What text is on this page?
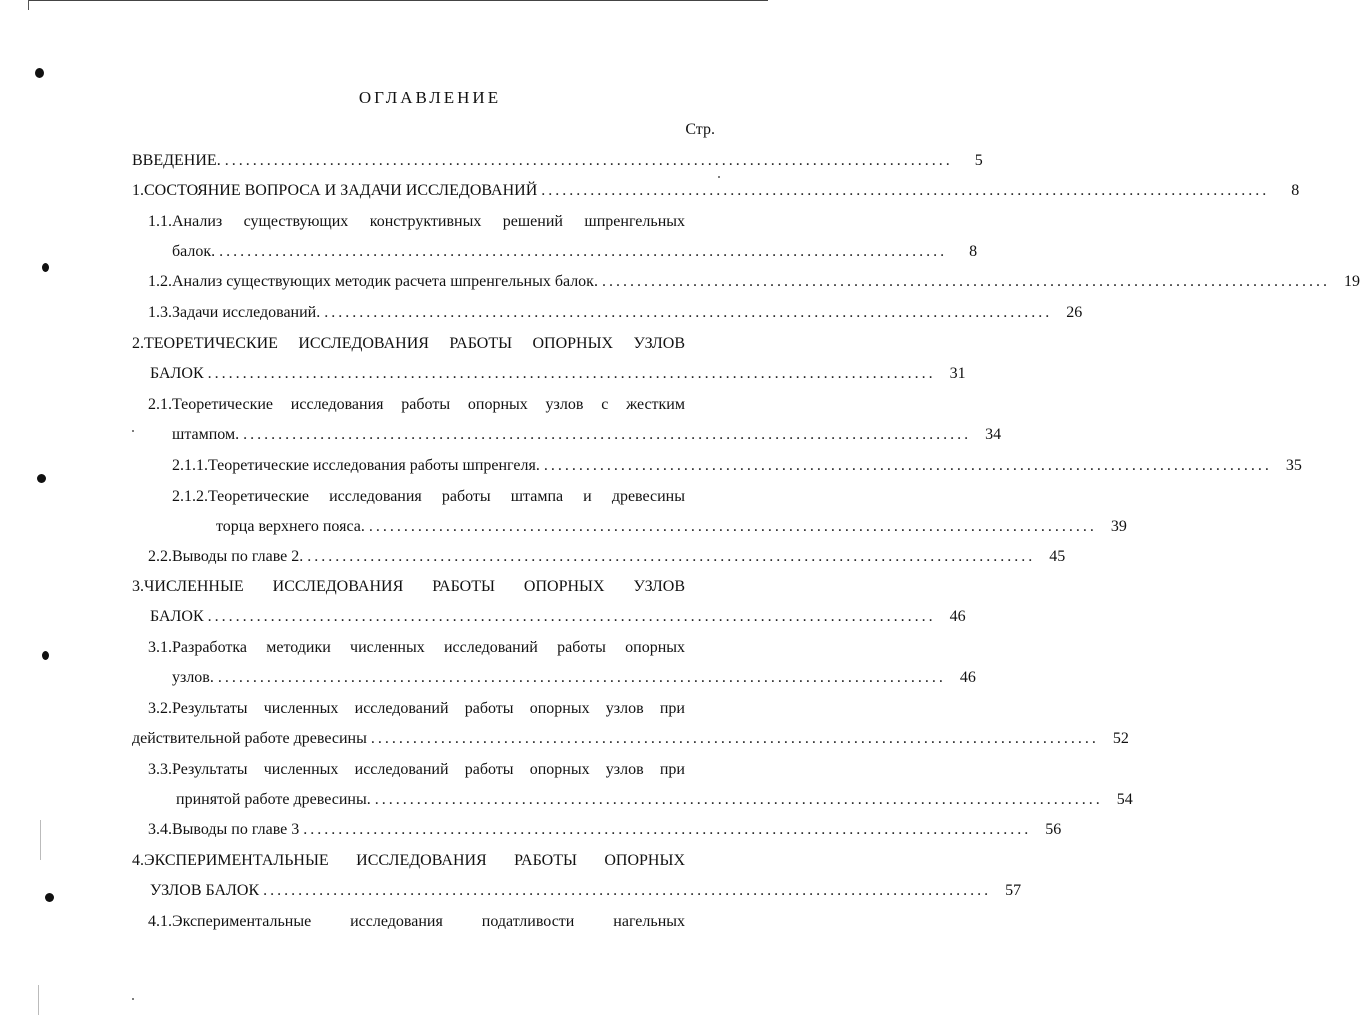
ОГЛАВЛЕНИЕ
Стр.
ВВЕДЕНИЕ. ........................................................................................................	5
1.СОСТОЯНИЕ ВОПРОСА И ЗАДАЧИ ИССЛЕДОВАНИЙ ........................................................................................................	8
1.1.Анализ существующих конструктивных решений шпренгельных
балок. ........................................................................................................	8
1.2.Анализ существующих методик расчета шпренгельных балок. ........................................................................................................ 19
1.3.Задачи исследований. ........................................................................................................ 26
2.ТЕОРЕТИЧЕСКИЕ ИССЛЕДОВАНИЯ РАБОТЫ ОПОРНЫХ УЗЛОВ
БАЛОК ........................................................................................................ 31
2.1.Теоретические исследования работы опорных узлов с жестким
штампом. ........................................................................................................ 34
2.1.1.Теоретические исследования работы шпренгеля. ........................................................................................................ 35
2.1.2.Теоретические исследования работы штампа и древесины
торца верхнего пояса. ........................................................................................................ 39
2.2.Выводы по главе 2. ........................................................................................................ 45
3.ЧИСЛЕННЫЕ ИССЛЕДОВАНИЯ РАБОТЫ ОПОРНЫХ УЗЛОВ
БАЛОК ........................................................................................................ 46
3.1.Разработка методики численных исследований работы опорных
узлов. ........................................................................................................ 46
3.2.Результаты численных исследований работы опорных узлов при
действительной работе древесины ........................................................................................................ 52
3.3.Результаты численных исследований работы опорных узлов при
принятой работе древесины. ........................................................................................................ 54
3.4.Выводы по главе 3 ........................................................................................................ 56
4.ЭКСПЕРИМЕНТАЛЬНЫЕ ИССЛЕДОВАНИЯ РАБОТЫ ОПОРНЫХ
УЗЛОВ БАЛОК ........................................................................................................ 57
4.1.Экспериментальные исследования податливости нагельных
